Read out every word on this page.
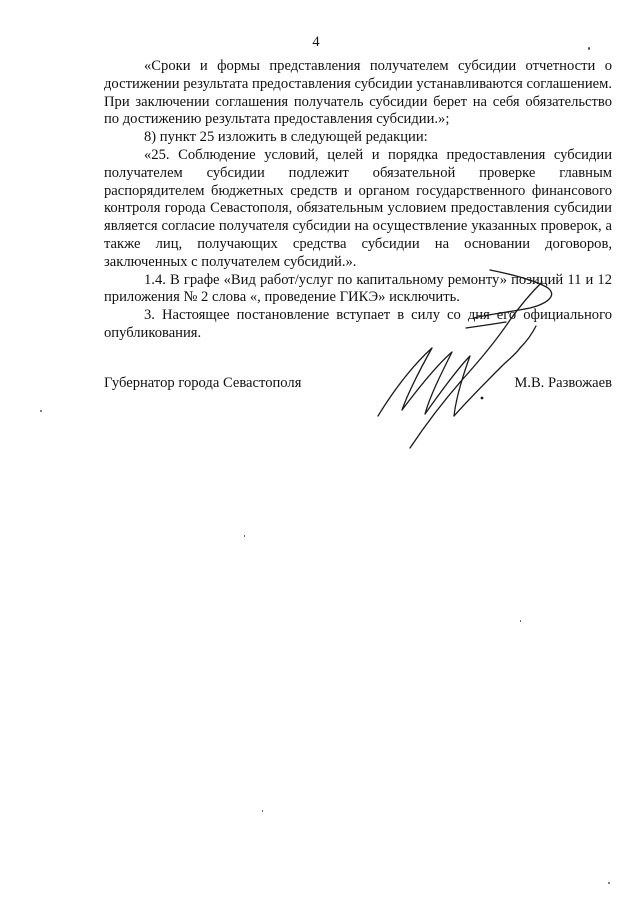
4

«Сроки и формы представления получателем субсидии отчетности о достижении результата предоставления субсидии устанавливаются соглашением. При заключении соглашения получатель субсидии берет на себя обязательство по достижению результата предоставления субсидии.»;

8) пункт 25 изложить в следующей редакции:

«25. Соблюдение условий, целей и порядка предоставления субсидии получателем субсидии подлежит обязательной проверке главным распорядителем бюджетных средств и органом государственного финансового контроля города Севастополя, обязательным условием предоставления субсидии является согласие получателя субсидии на осуществление указанных проверок, а также лиц, получающих средства субсидии на основании договоров, заключенных с получателем субсидий.».

1.4. В графе «Вид работ/услуг по капитальному ремонту» позиций 11 и 12 приложения № 2 слова «, проведение ГИКЭ» исключить.

3. Настоящее постановление вступает в силу со дня его официального опубликования.

Губернатор города Севастополя	М.В. Развожаев
